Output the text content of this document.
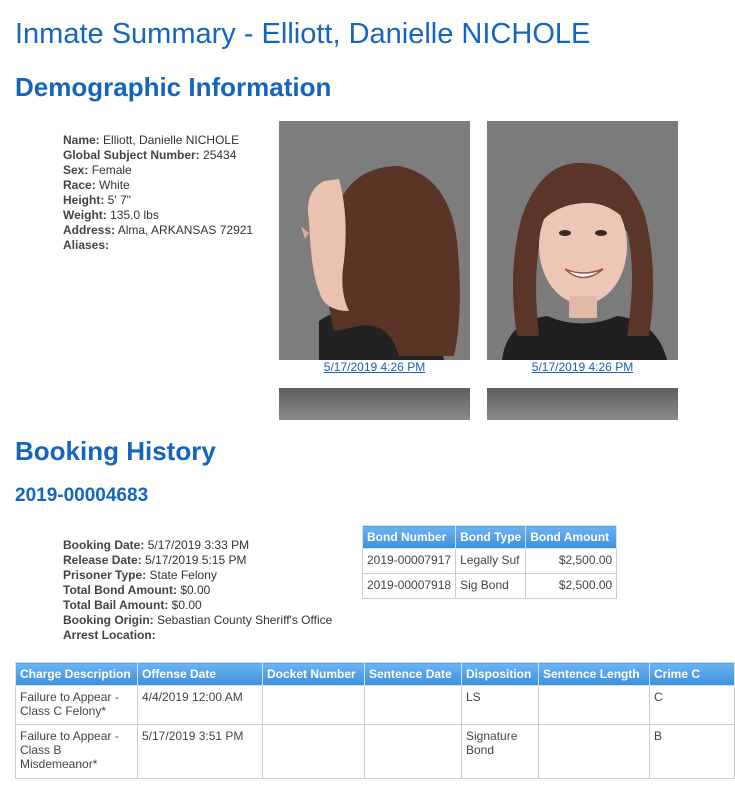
Inmate Summary - Elliott, Danielle NICHOLE
Demographic Information
Name: Elliott, Danielle NICHOLE
Global Subject Number: 25434
Sex: Female
Race: White
Height: 5' 7"
Weight: 135.0 lbs
Address: Alma, ARKANSAS 72921
Aliases:
5/17/2019 4:26 PM	5/17/2019 4:26 PM
Booking History
2019-00004683
Booking Date: 5/17/2019 3:33 PM
Release Date: 5/17/2019 5:15 PM
Prisoner Type: State Felony
Total Bond Amount: $0.00
Total Bail Amount: $0.00
Booking Origin: Sebastian County Sheriff's Office
Arrest Location:
Bond Number	Bond Type	Bond Amount
2019-00007917	Legally Suf	$2,500.00
2019-00007918	Sig Bond	$2,500.00
Charge Description	Offense Date	Docket Number	Sentence Date	Disposition	Sentence Length	Crime C
Failure to Appear - Class C Felony*	4/4/2019 12:00 AM			LS		C
Failure to Appear - Class B Misdemeanor*	5/17/2019 3:51 PM			Signature Bond		B
